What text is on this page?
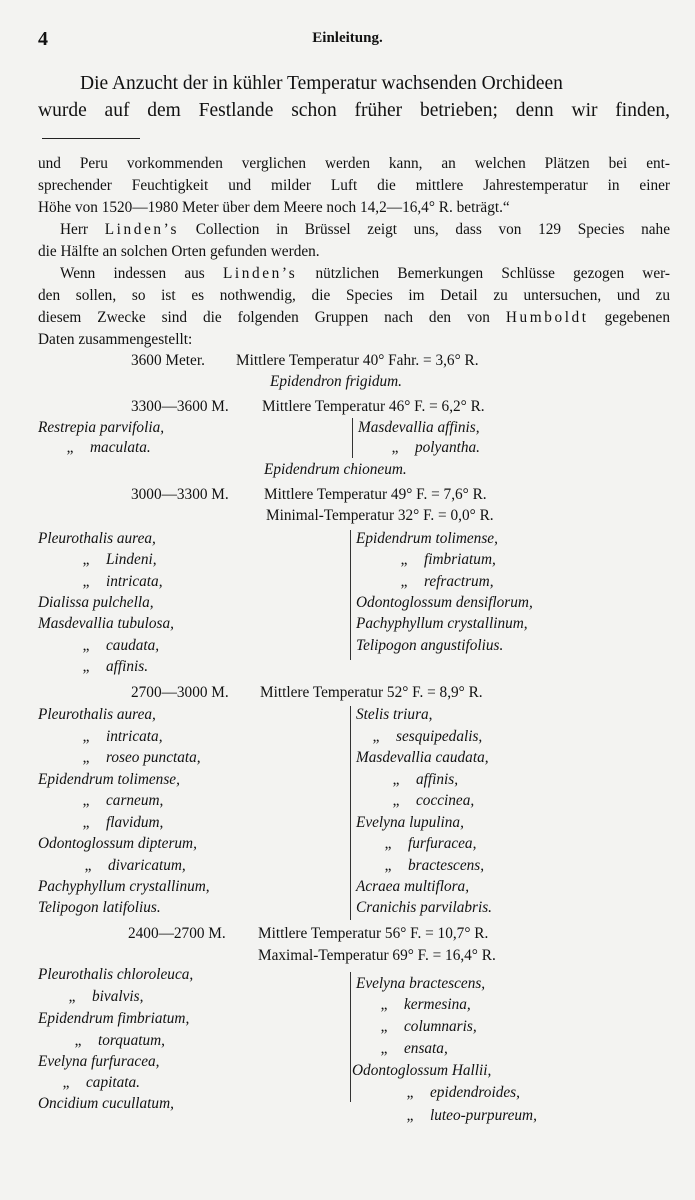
4	Einleitung.
Die Anzucht der in kühler Temperatur wachsenden Orchideen
wurde auf dem Festlande schon früher betrieben; denn wir finden,
und Peru vorkommenden verglichen werden kann, an welchen Plätzen bei ent-
sprechender Feuchtigkeit und milder Luft die mittlere Jahrestemperatur in einer
Höhe von 1520—1980 Meter über dem Meere noch 14,2—16,4° R. beträgt.“
Herr Linden’s Collection in Brüssel zeigt uns, dass von 129 Species nahe
die Hälfte an solchen Orten gefunden werden.
Wenn indessen aus Linden’s nützlichen Bemerkungen Schlüsse gezogen wer-
den sollen, so ist es nothwendig, die Species im Detail zu untersuchen, und zu
diesem Zwecke sind die folgenden Gruppen nach den von Humboldt gegebenen
Daten zusammengestellt:
3600 Meter. Mittlere Temperatur 40° Fahr. = 3,6° R.
Epidendron frigidum.
3300—3600 M. Mittlere Temperatur 46° F. = 6,2° R.
Restrepia parvifolia,
„ maculata.
Masdevallia affinis,
„ polyantha.
Epidendrum chioneum.
3000—3300 M. Mittlere Temperatur 49° F. = 7,6° R.
Minimal-Temperatur 32° F. = 0,0° R.
Pleurothalis aurea,
„ Lindeni,
„ intricata,
Dialissa pulchella,
Masdevallia tubulosa,
„ caudata,
„ affinis.
Epidendrum tolimense,
„ fimbriatum,
„ refractrum,
Odontoglossum densiflorum,
Pachyphyllum crystallinum,
Telipogon angustifolius.
2700—3000 M. Mittlere Temperatur 52° F. = 8,9° R.
Pleurothalis aurea,
„ intricata,
„ roseo punctata,
Epidendrum tolimense,
„ carneum,
„ flavidum,
Odontoglossum dipterum,
„ divaricatum,
Pachyphyllum crystallinum,
Telipogon latifolius.
Stelis triura,
„ sesquipedalis,
Masdevallia caudata,
„ affinis,
„ coccinea,
Evelyna lupulina,
„ furfuracea,
„ bractescens,
Acraea multiflora,
Cranichis parvilabris.
2400—2700 M. Mittlere Temperatur 56° F. = 10,7° R.
Maximal-Temperatur 69° F. = 16,4° R.
Pleurothalis chloroleuca,
„ bivalvis,
Epidendrum fimbriatum,
„ torquatum,
Evelyna furfuracea,
„ capitata.
Oncidium cucullatum,
Evelyna bractescens,
„ kermesina,
„ columnaris,
„ ensata,
Odontoglossum Hallii,
„ epidendroides,
„ luteo-purpureum,
